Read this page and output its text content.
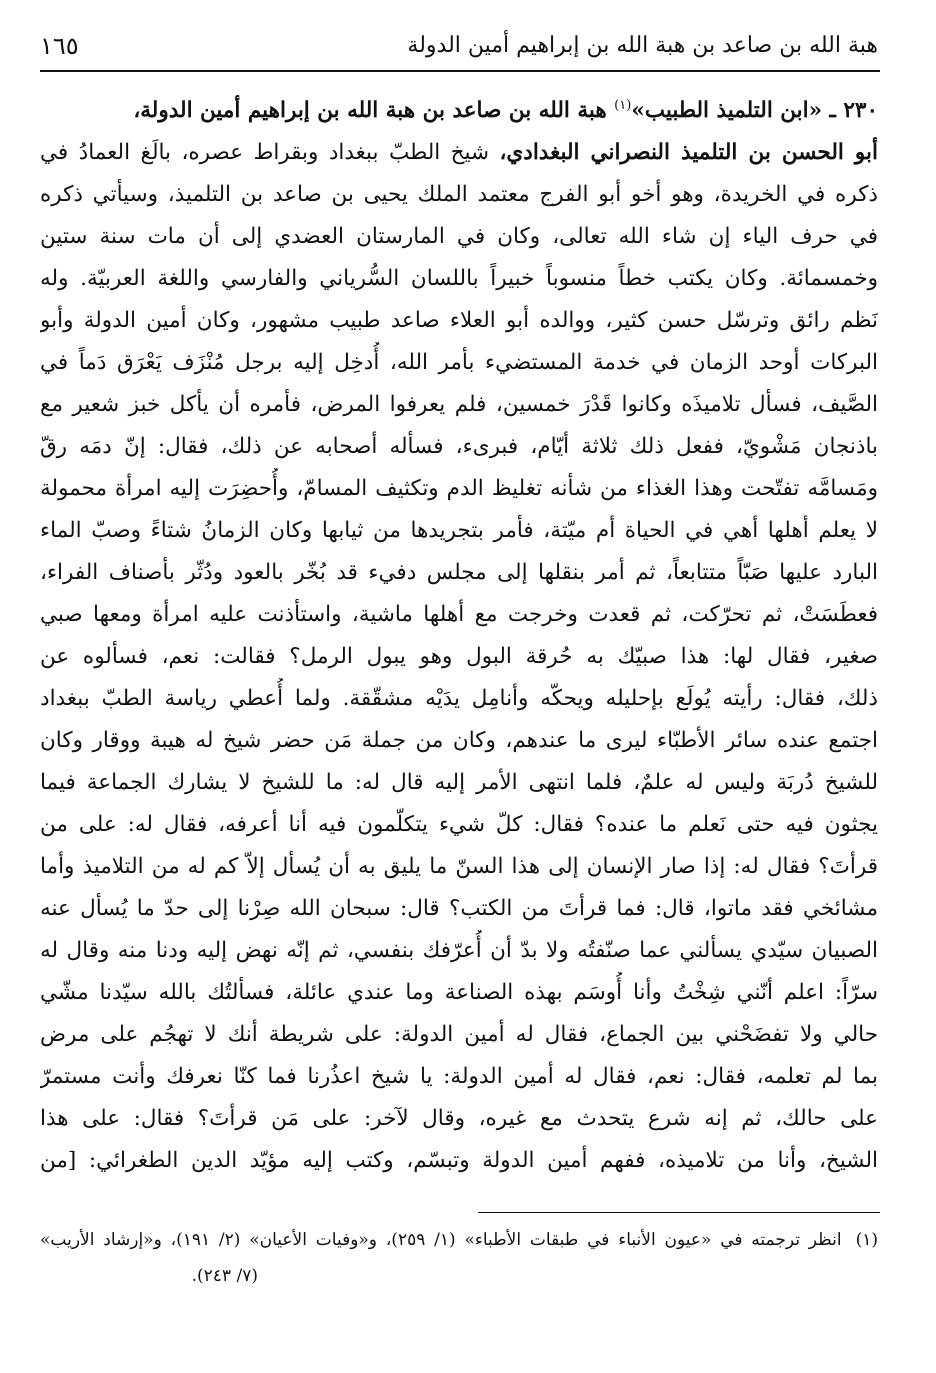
هبة الله بن صاعد بن هبة الله بن إبراهيم أمين الدولة
١٦٥
٢٣٠ ـ «ابن التلميذ الطبيب»$^{(١)}$ هبة الله بن صاعد بن هبة الله بن إبراهيم أمين الدولة،
أبو الحسن بن التلميذ النصراني البغدادي، شيخ الطبّ ببغداد وبقراط عصره، بالَغ العمادُ في
ذكره في الخريدة، وهو أخو أبو الفرج معتمد الملك يحيى بن صاعد بن التلميذ، وسيأتي ذكره
في حرف الياء إن شاء الله تعالى، وكان في المارستان العضدي إلى أن مات سنة ستين
وخمسمائة. وكان يكتب خطاً منسوباً خبيراً باللسان السُّرياني والفارسي واللغة العربيّة. وله
نَظم رائق وترسّل حسن كثير، ووالده أبو العلاء صاعد طبيب مشهور، وكان أمين الدولة وأبو
البركات أوحد الزمان في خدمة المستضيء بأمر الله، أُدخِل إليه برجل مُنْزَف يَعْرَق دَماً في
الصَّيف، فسأل تلاميذَه وكانوا قَدْرَ خمسين، فلم يعرفوا المرض، فأمره أن يأكل خبز شعير مع
باذنجان مَشْويّ، ففعل ذلك ثلاثة أيّام، فبرىء، فسأله أصحابه عن ذلك، فقال: إنّ دمَه رقّ
ومَسامَّه تفتّحت وهذا الغذاء من شأنه تغليظ الدم وتكثيف المسامّ، وأُحضِرَت إليه امرأة محمولة
لا يعلم أهلها أهي في الحياة أم ميّتة، فأمر بتجريدها من ثيابها وكان الزمانُ شتاءً وصبّ الماء
البارد عليها صَبّاً متتابعاً، ثم أمر بنقلها إلى مجلس دفيء قد بُخّر بالعود ودُثّر بأصناف الفراء،
فعطَسَتْ، ثم تحرّكت، ثم قعدت وخرجت مع أهلها ماشية، واستأذنت عليه امرأة ومعها صبي
صغير، فقال لها: هذا صبيّك به حُرقة البول وهو يبول الرمل؟ فقالت: نعم، فسألوه عن
ذلك، فقال: رأيته يُولَع بإحليله ويحكّه وأنامِل يدَيْه مشقّقة. ولما أُعطي رياسة الطبّ ببغداد
اجتمع عنده سائر الأطبّاء ليرى ما عندهم، وكان من جملة مَن حضر شيخ له هيبة ووقار وكان
للشيخ دُربَة وليس له علمٌ، فلما انتهى الأمر إليه قال له: ما للشيخ لا يشارك الجماعة فيما
يجثون فيه حتى نَعلم ما عنده؟ فقال: كلّ شيء يتكلّمون فيه أنا أعرفه، فقال له: على من
قرأتَ؟ فقال له: إذا صار الإنسان إلى هذا السنّ ما يليق به أن يُسأل إلاّ كم له من التلاميذ وأما
مشائخي فقد ماتوا، قال: فما قرأتَ من الكتب؟ قال: سبحان الله صِرْنا إلى حدّ ما يُسأل عنه
الصبيان سيّدي يسألني عما صنّفتُه ولا بدّ أن أُعرّفك بنفسي، ثم إنّه نهض إليه ودنا منه وقال له
سرّاً: اعلم أنّني شِخْتُ وأنا أُوسَم بهذه الصناعة وما عندي عائلة، فسألتُك بالله سيّدنا مشّي
حالي ولا تفضَحْني بين الجماع، فقال له أمين الدولة: على شريطة أنك لا تهجُم على مرض
بما لم تعلمه، فقال: نعم، فقال له أمين الدولة: يا شيخ اعذُرنا فما كنّا نعرفك وأنت مستمرّ
على حالك، ثم إنه شرع يتحدث مع غيره، وقال لآخر: على مَن قرأتَ؟ فقال: على هذا
الشيخ، وأنا من تلاميذه، ففهم أمين الدولة وتبسّم، وكتب إليه مؤيّد الدين الطغرائي: [من
(١)انظر ترجمته في «عيون الأنباء في طبقات الأطباء» (١/ ٢٥٩)، و«وفيات الأعيان» (٢/ ١٩١)، و«إرشاد الأريب»
(٧/ ٢٤٣).
